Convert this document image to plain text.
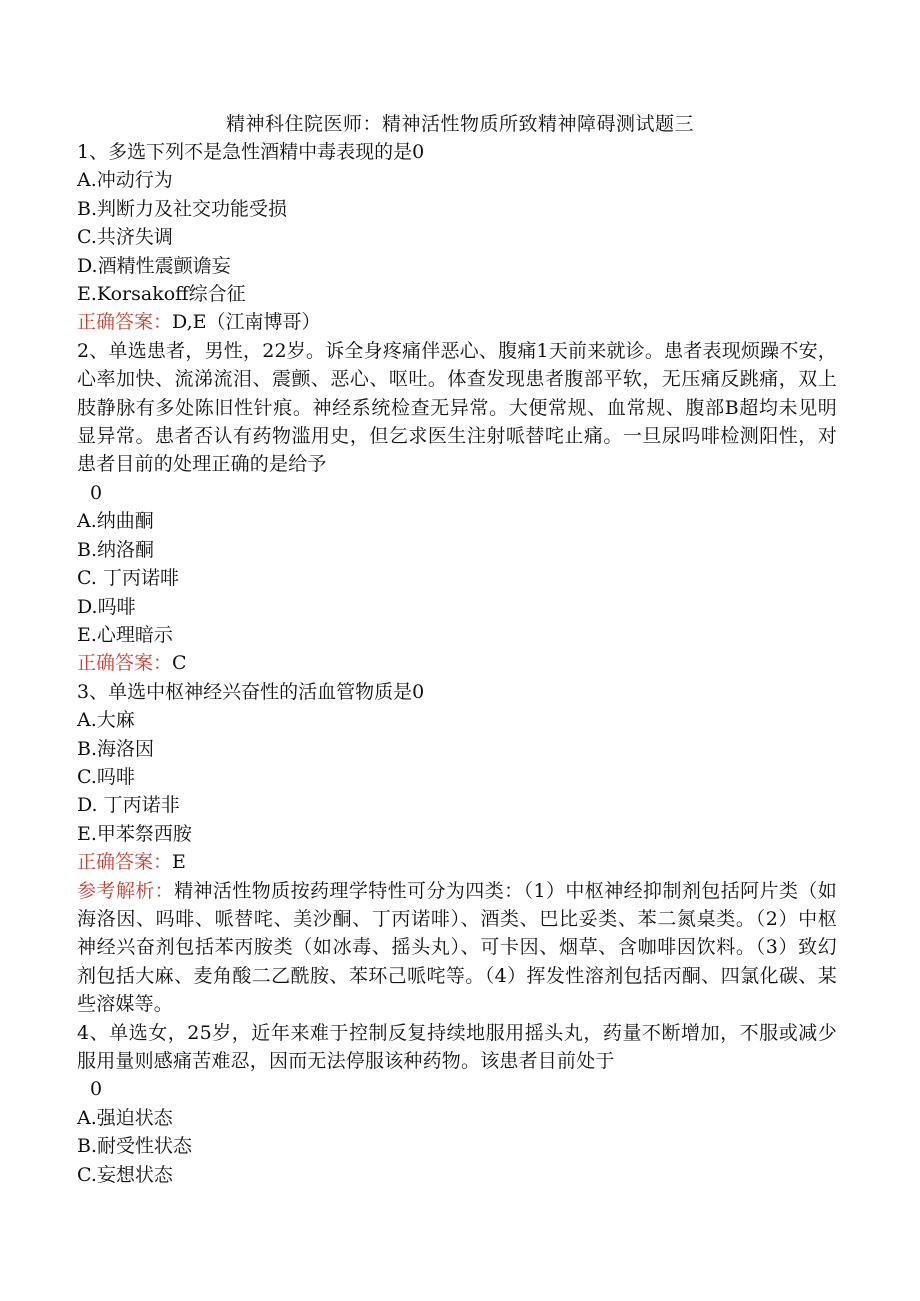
精神科住院医师：精神活性物质所致精神障碍测试题三
1、多选下列不是急性酒精中毒表现的是0
A.冲动行为
B.判断力及社交功能受损
C.共济失调
D.酒精性震颤谵妄
E.Korsakoff综合征
正确答案：D,E（江南博哥）
2、单选患者，男性，22岁。诉全身疼痛伴恶心、腹痛1天前来就诊。患者表现烦躁不安，心率加快、流涕流泪、震颤、恶心、呕吐。体查发现患者腹部平软，无压痛反跳痛，双上肢静脉有多处陈旧性针痕。神经系统检查无异常。大便常规、血常规、腹部B超均未见明显异常。患者否认有药物滥用史，但乞求医生注射哌替咤止痛。一旦尿吗啡检测阳性，对患者目前的处理正确的是给予
0
A.纳曲酮
B.纳洛酮
C. 丁丙诺啡
D.吗啡
E.心理暗示
正确答案：C
3、单选中枢神经兴奋性的活血管物质是0
A.大麻
B.海洛因
C.吗啡
D. 丁丙诺非
E.甲苯祭西胺
正确答案：E
参考解析：精神活性物质按药理学特性可分为四类：（1）中枢神经抑制剂包括阿片类（如海洛因、吗啡、哌替咤、美沙酮、丁丙诺啡）、酒类、巴比妥类、苯二氮桌类。（2）中枢神经兴奋剂包括苯丙胺类（如冰毒、摇头丸）、可卡因、烟草、含咖啡因饮料。（3）致幻剂包括大麻、麦角酸二乙酰胺、苯环己哌咤等。（4）挥发性溶剂包括丙酮、四氯化碳、某些溶媒等。
4、单选女，25岁，近年来难于控制反复持续地服用摇头丸，药量不断增加，不服或减少服用量则感痛苦难忍，因而无法停服该种药物。该患者目前处于
0
A.强迫状态
B.耐受性状态
C.妄想状态
